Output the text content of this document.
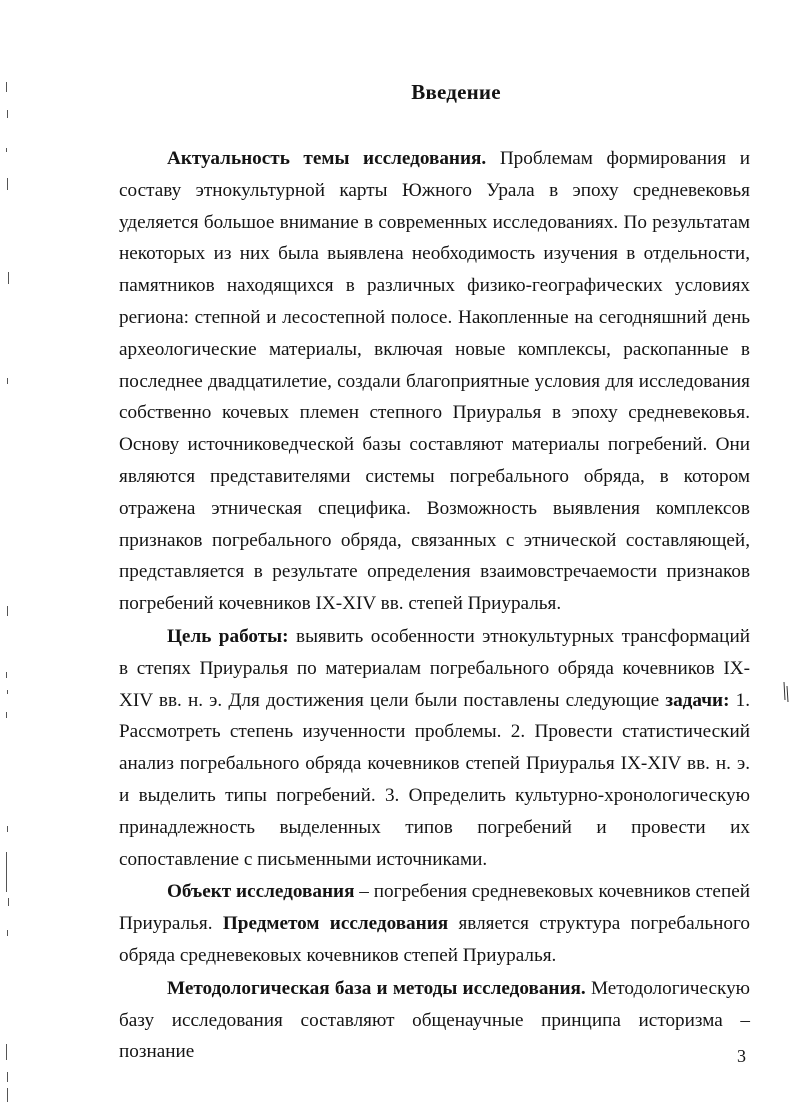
Введение

Актуальность темы исследования. Проблемам формирования и составу этнокультурной карты Южного Урала в эпоху средневековья уделяется большое внимание в современных исследованиях. По результатам некоторых из них была выявлена необходимость изучения в отдельности, памятников находящихся в различных физико-географических условиях региона: степной и лесостепной полосе. Накопленные на сегодняшний день археологические материалы, включая новые комплексы, раскопанные в последнее двадцатилетие, создали благоприятные условия для исследования собственно кочевых племен степного Приуралья в эпоху средневековья. Основу источниковедческой базы составляют материалы погребений. Они являются представителями системы погребального обряда, в котором отражена этническая специфика. Возможность выявления комплексов признаков погребального обряда, связанных с этнической составляющей, представляется в результате определения взаимовстречаемости признаков погребений кочевников IX-XIV вв. степей Приуралья.

Цель работы: выявить особенности этнокультурных трансформаций в степях Приуралья по материалам погребального обряда кочевников IX-XIV вв. н. э. Для достижения цели были поставлены следующие задачи: 1. Рассмотреть степень изученности проблемы. 2. Провести статистический анализ погребального обряда кочевников степей Приуралья IX-XIV вв. н. э. и выделить типы погребений. 3. Определить культурно-хронологическую принадлежность выделенных типов погребений и провести их сопоставление с письменными источниками.

Объект исследования – погребения средневековых кочевников степей Приуралья. Предметом исследования является структура погребального обряда средневековых кочевников степей Приуралья.

Методологическая база и методы исследования. Методологическую базу исследования составляют общенаучные принципа историзма – познание	3
